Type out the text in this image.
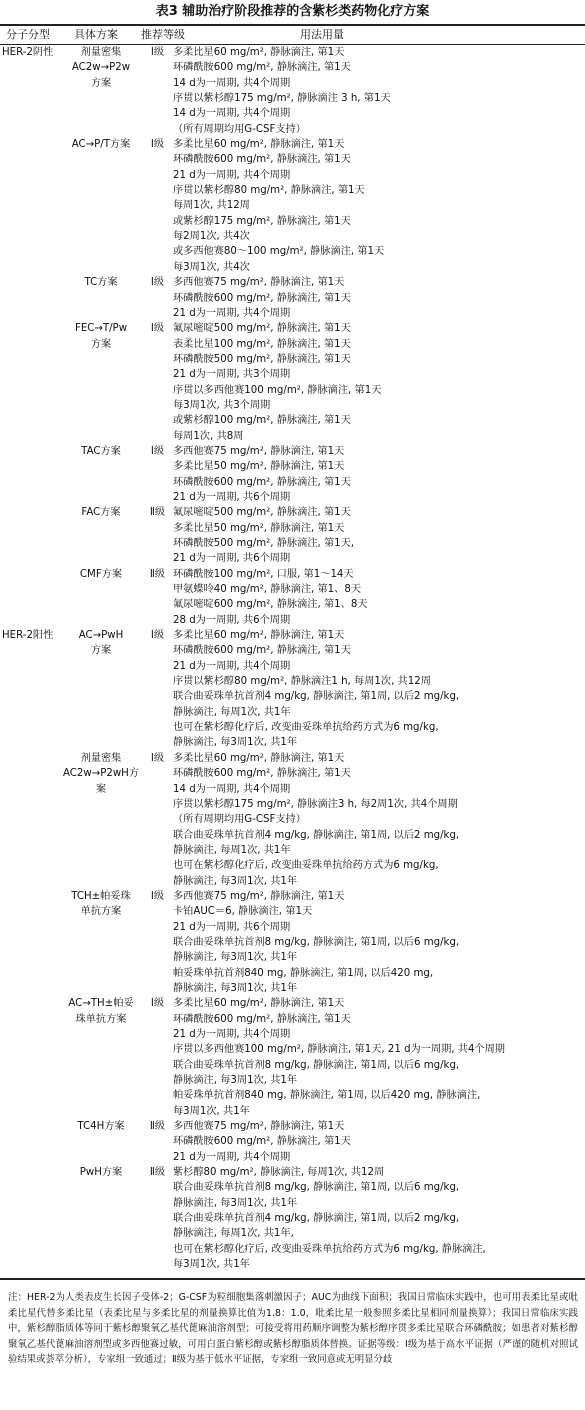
表3 辅助治疗阶段推荐的含紫杉类药物化疗方案
分子分型 具体方案 推荐等级	用法用量
HER-2阴性	剂量密集	Ⅰ级 多柔比星60 mg/m², 静脉滴注, 第1天
AC2w→P2w	环磷酰胺600 mg/m², 静脉滴注, 第1天
方案	14 d为一周期, 共4个周期
序贯以紫杉醇175 mg/m², 静脉滴注 3 h, 第1天
14 d为一周期, 共4个周期
（所有周期均用G-CSF支持）
AC→P/T方案	Ⅰ级 多柔比星60 mg/m², 静脉滴注, 第1天
环磷酰胺600 mg/m², 静脉滴注, 第1天
21 d为一周期, 共4个周期
序贯以紫杉醇80 mg/m², 静脉滴注, 第1天
每周1次, 共12周
或紫杉醇175 mg/m², 静脉滴注, 第1天
每2周1次, 共4次
或多西他赛80～100 mg/m², 静脉滴注, 第1天
每3周1次, 共4次
TC方案	Ⅰ级 多西他赛75 mg/m², 静脉滴注, 第1天
环磷酰胺600 mg/m², 静脉滴注, 第1天
21 d为一周期, 共4个周期
FEC→T/Pw	Ⅰ级 氟尿嘧啶500 mg/m², 静脉滴注, 第1天
方案	表柔比星100 mg/m², 静脉滴注, 第1天
环磷酰胺500 mg/m², 静脉滴注, 第1天
21 d为一周期, 共3个周期
序贯以多西他赛100 mg/m², 静脉滴注, 第1天
每3周1次, 共3个周期
或紫杉醇100 mg/m², 静脉滴注, 第1天
每周1次, 共8周
TAC方案	Ⅰ级 多西他赛75 mg/m², 静脉滴注, 第1天
多柔比星50 mg/m², 静脉滴注, 第1天
环磷酰胺600 mg/m², 静脉滴注, 第1天
21 d为一周期, 共6个周期
FAC方案	Ⅱ级 氟尿嘧啶500 mg/m², 静脉滴注, 第1天
多柔比星50 mg/m², 静脉滴注, 第1天
环磷酰胺500 mg/m², 静脉滴注, 第1天,
21 d为一周期, 共6个周期
CMF方案	Ⅱ级 环磷酰胺100 mg/m², 口服, 第1～14天
甲氨蝶呤40 mg/m², 静脉滴注, 第1、8天
氟尿嘧啶600 mg/m², 静脉滴注, 第1、8天
28 d为一周期, 共6个周期
HER-2阳性	AC→PwH	Ⅰ级 多柔比星60 mg/m², 静脉滴注, 第1天
方案	环磷酰胺600 mg/m², 静脉滴注, 第1天
21 d为一周期, 共4个周期
序贯以紫杉醇80 mg/m², 静脉滴注1 h, 每周1次, 共12周
联合曲妥珠单抗首剂4 mg/kg, 静脉滴注, 第1周, 以后2 mg/kg,
静脉滴注, 每周1次, 共1年
也可在紫杉醇化疗后, 改变曲妥珠单抗给药方式为6 mg/kg,
静脉滴注, 每3周1次, 共1年
剂量密集	Ⅰ级 多柔比星60 mg/m², 静脉滴注, 第1天
AC2w→P2wH方	环磷酰胺600 mg/m², 静脉滴注, 第1天
案	14 d为一周期, 共4个周期
序贯以紫杉醇175 mg/m², 静脉滴注3 h, 每2周1次, 共4个周期
（所有周期均用G-CSF支持）
联合曲妥珠单抗首剂4 mg/kg, 静脉滴注, 第1周, 以后2 mg/kg,
静脉滴注, 每周1次, 共1年
也可在紫杉醇化疗后, 改变曲妥珠单抗给药方式为6 mg/kg,
静脉滴注, 每3周1次, 共1年
TCH±帕妥珠	Ⅰ级 多西他赛75 mg/m², 静脉滴注, 第1天
单抗方案	卡铂AUC＝6, 静脉滴注, 第1天
21 d为一周期, 共6个周期
联合曲妥珠单抗首剂8 mg/kg, 静脉滴注, 第1周, 以后6 mg/kg,
静脉滴注, 每3周1次, 共1年
帕妥珠单抗首剂840 mg, 静脉滴注, 第1周, 以后420 mg,
静脉滴注, 每3周1次, 共1年
AC→TH±帕妥	Ⅰ级 多柔比星60 mg/m², 静脉滴注, 第1天
珠单抗方案	环磷酰胺600 mg/m², 静脉滴注, 第1天
21 d为一周期, 共4个周期
序贯以多西他赛100 mg/m², 静脉滴注, 第1天, 21 d为一周期, 共4个周期
联合曲妥珠单抗首剂8 mg/kg, 静脉滴注, 第1周, 以后6 mg/kg,
静脉滴注, 每3周1次, 共1年
帕妥珠单抗首剂840 mg, 静脉滴注, 第1周, 以后420 mg, 静脉滴注,
每3周1次, 共1年
TC4H方案	Ⅱ级 多西他赛75 mg/m², 静脉滴注, 第1天
环磷酰胺600 mg/m², 静脉滴注, 第1天
21 d为一周期, 共4个周期
PwH方案	Ⅱ级 紫杉醇80 mg/m², 静脉滴注, 每周1次, 共12周
联合曲妥珠单抗首剂8 mg/kg, 静脉滴注, 第1周, 以后6 mg/kg,
静脉滴注, 每3周1次, 共1年
联合曲妥珠单抗首剂4 mg/kg, 静脉滴注, 第1周, 以后2 mg/kg,
静脉滴注, 每周1次, 共1年,
也可在紫杉醇化疗后, 改变曲妥珠单抗给药方式为6 mg/kg, 静脉滴注,
每3周1次, 共1年
注：HER-2为人类表皮生长因子受体-2；G-CSF为粒细胞集落刺激因子；AUC为曲线下面积；我国日常临床实践中，也可用表柔比星或吡柔比星代替多柔比星（表柔比星与多柔比星的剂量换算比值为1.8：1.0，吡柔比星一般参照多柔比星相同剂量换算）；我国日常临床实践中，紫杉醇脂质体等同于紫杉醇聚氧乙基代蓖麻油溶剂型；可接受将用药顺序调整为紫杉醇序贯多柔比星联合环磷酰胺；如患者对紫杉醇聚氧乙基代蓖麻油溶剂型或多西他赛过敏，可用白蛋白紫杉醇或紫杉醇脂质体替换。证据等级：Ⅰ级为基于高水平证据（严谨的随机对照试验结果或荟萃分析），专家组一致通过；Ⅱ级为基于低水平证据，专家组一致同意或无明显分歧
